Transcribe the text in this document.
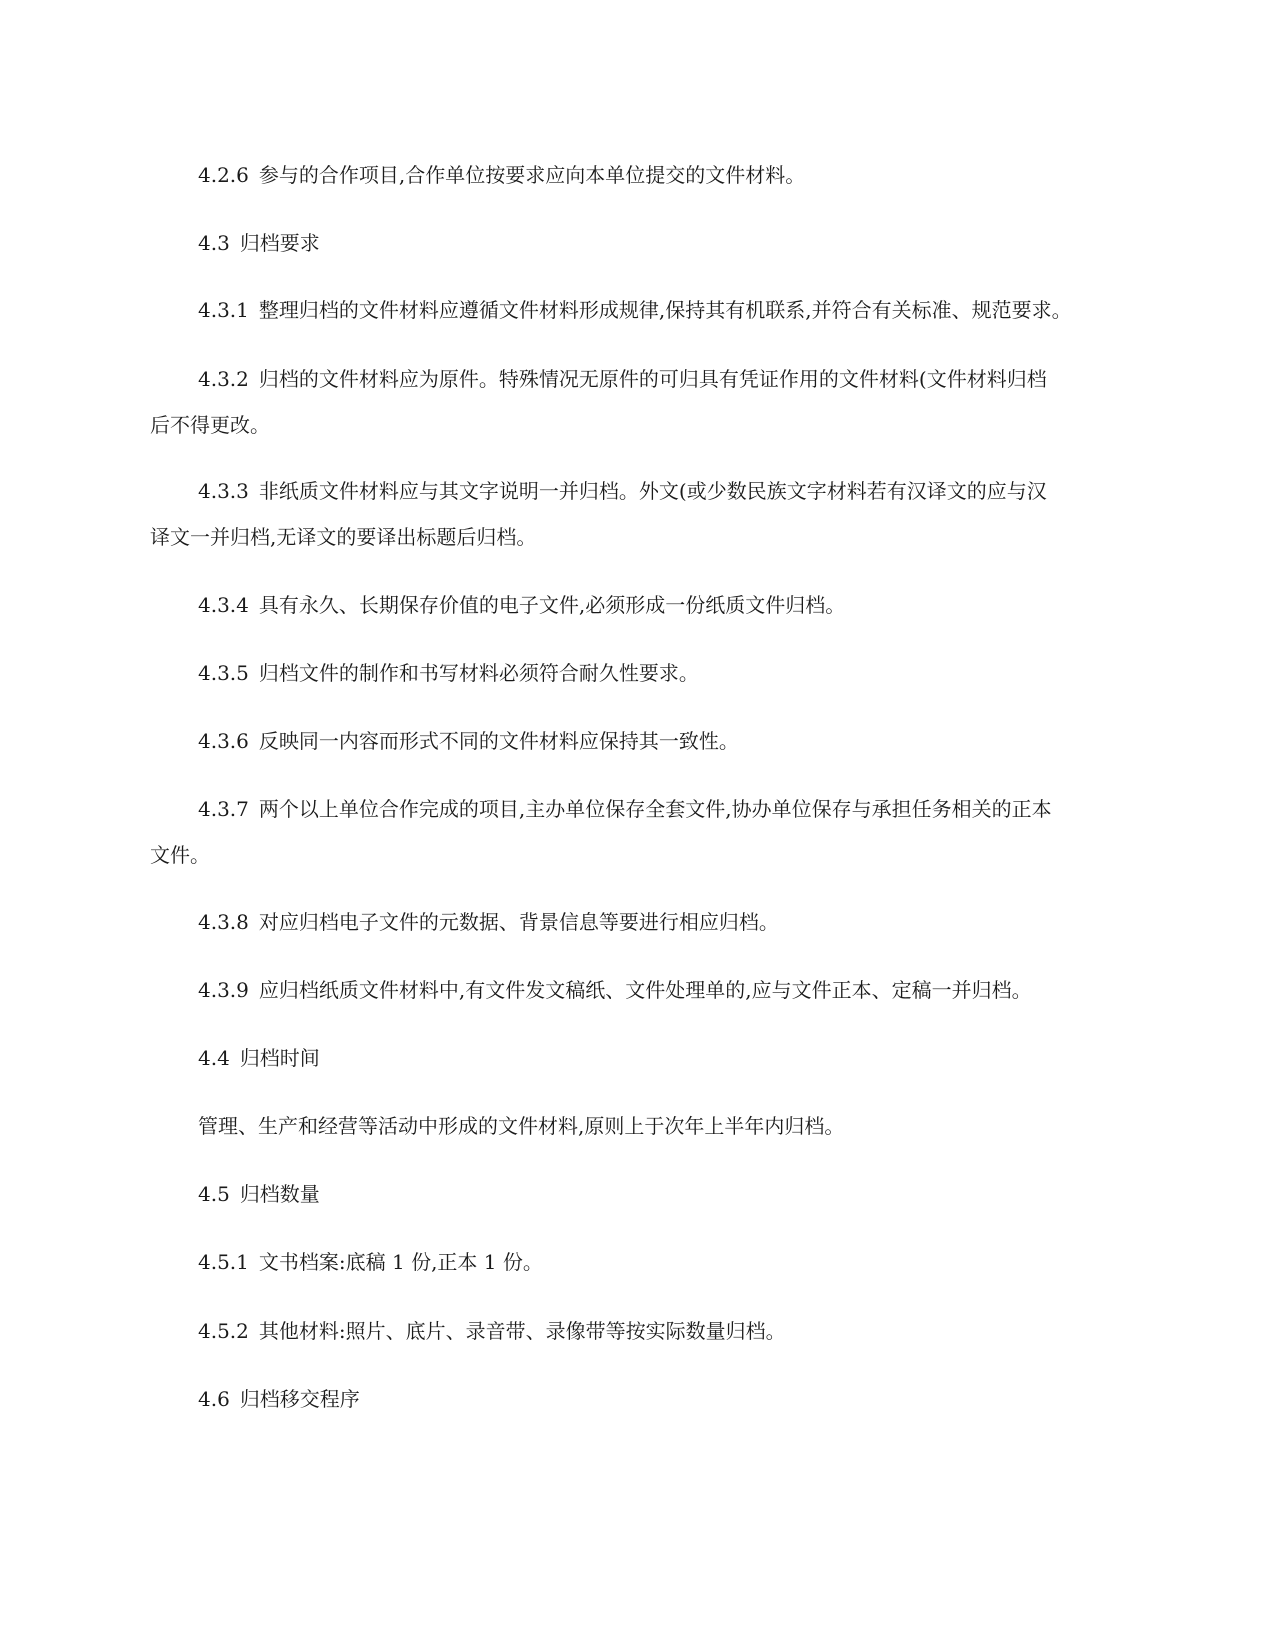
4.2.6 参与的合作项目,合作单位按要求应向本单位提交的文件材料。
4.3 归档要求
4.3.1 整理归档的文件材料应遵循文件材料形成规律,保持其有机联系,并符合有关标准、规范要求。
4.3.2 归档的文件材料应为原件。特殊情况无原件的可归具有凭证作用的文件材料(文件材料归档
后不得更改。
4.3.3 非纸质文件材料应与其文字说明一并归档。外文(或少数民族文字材料若有汉译文的应与汉
译文一并归档,无译文的要译出标题后归档。
4.3.4 具有永久、长期保存价值的电子文件,必须形成一份纸质文件归档。
4.3.5 归档文件的制作和书写材料必须符合耐久性要求。
4.3.6 反映同一内容而形式不同的文件材料应保持其一致性。
4.3.7 两个以上单位合作完成的项目,主办单位保存全套文件,协办单位保存与承担任务相关的正本
文件。
4.3.8 对应归档电子文件的元数据、背景信息等要进行相应归档。
4.3.9 应归档纸质文件材料中,有文件发文稿纸、文件处理单的,应与文件正本、定稿一并归档。
4.4 归档时间
管理、生产和经营等活动中形成的文件材料,原则上于次年上半年内归档。
4.5 归档数量
4.5.1 文书档案:底稿 1 份,正本 1 份。
4.5.2 其他材料:照片、底片、录音带、录像带等按实际数量归档。
4.6 归档移交程序
